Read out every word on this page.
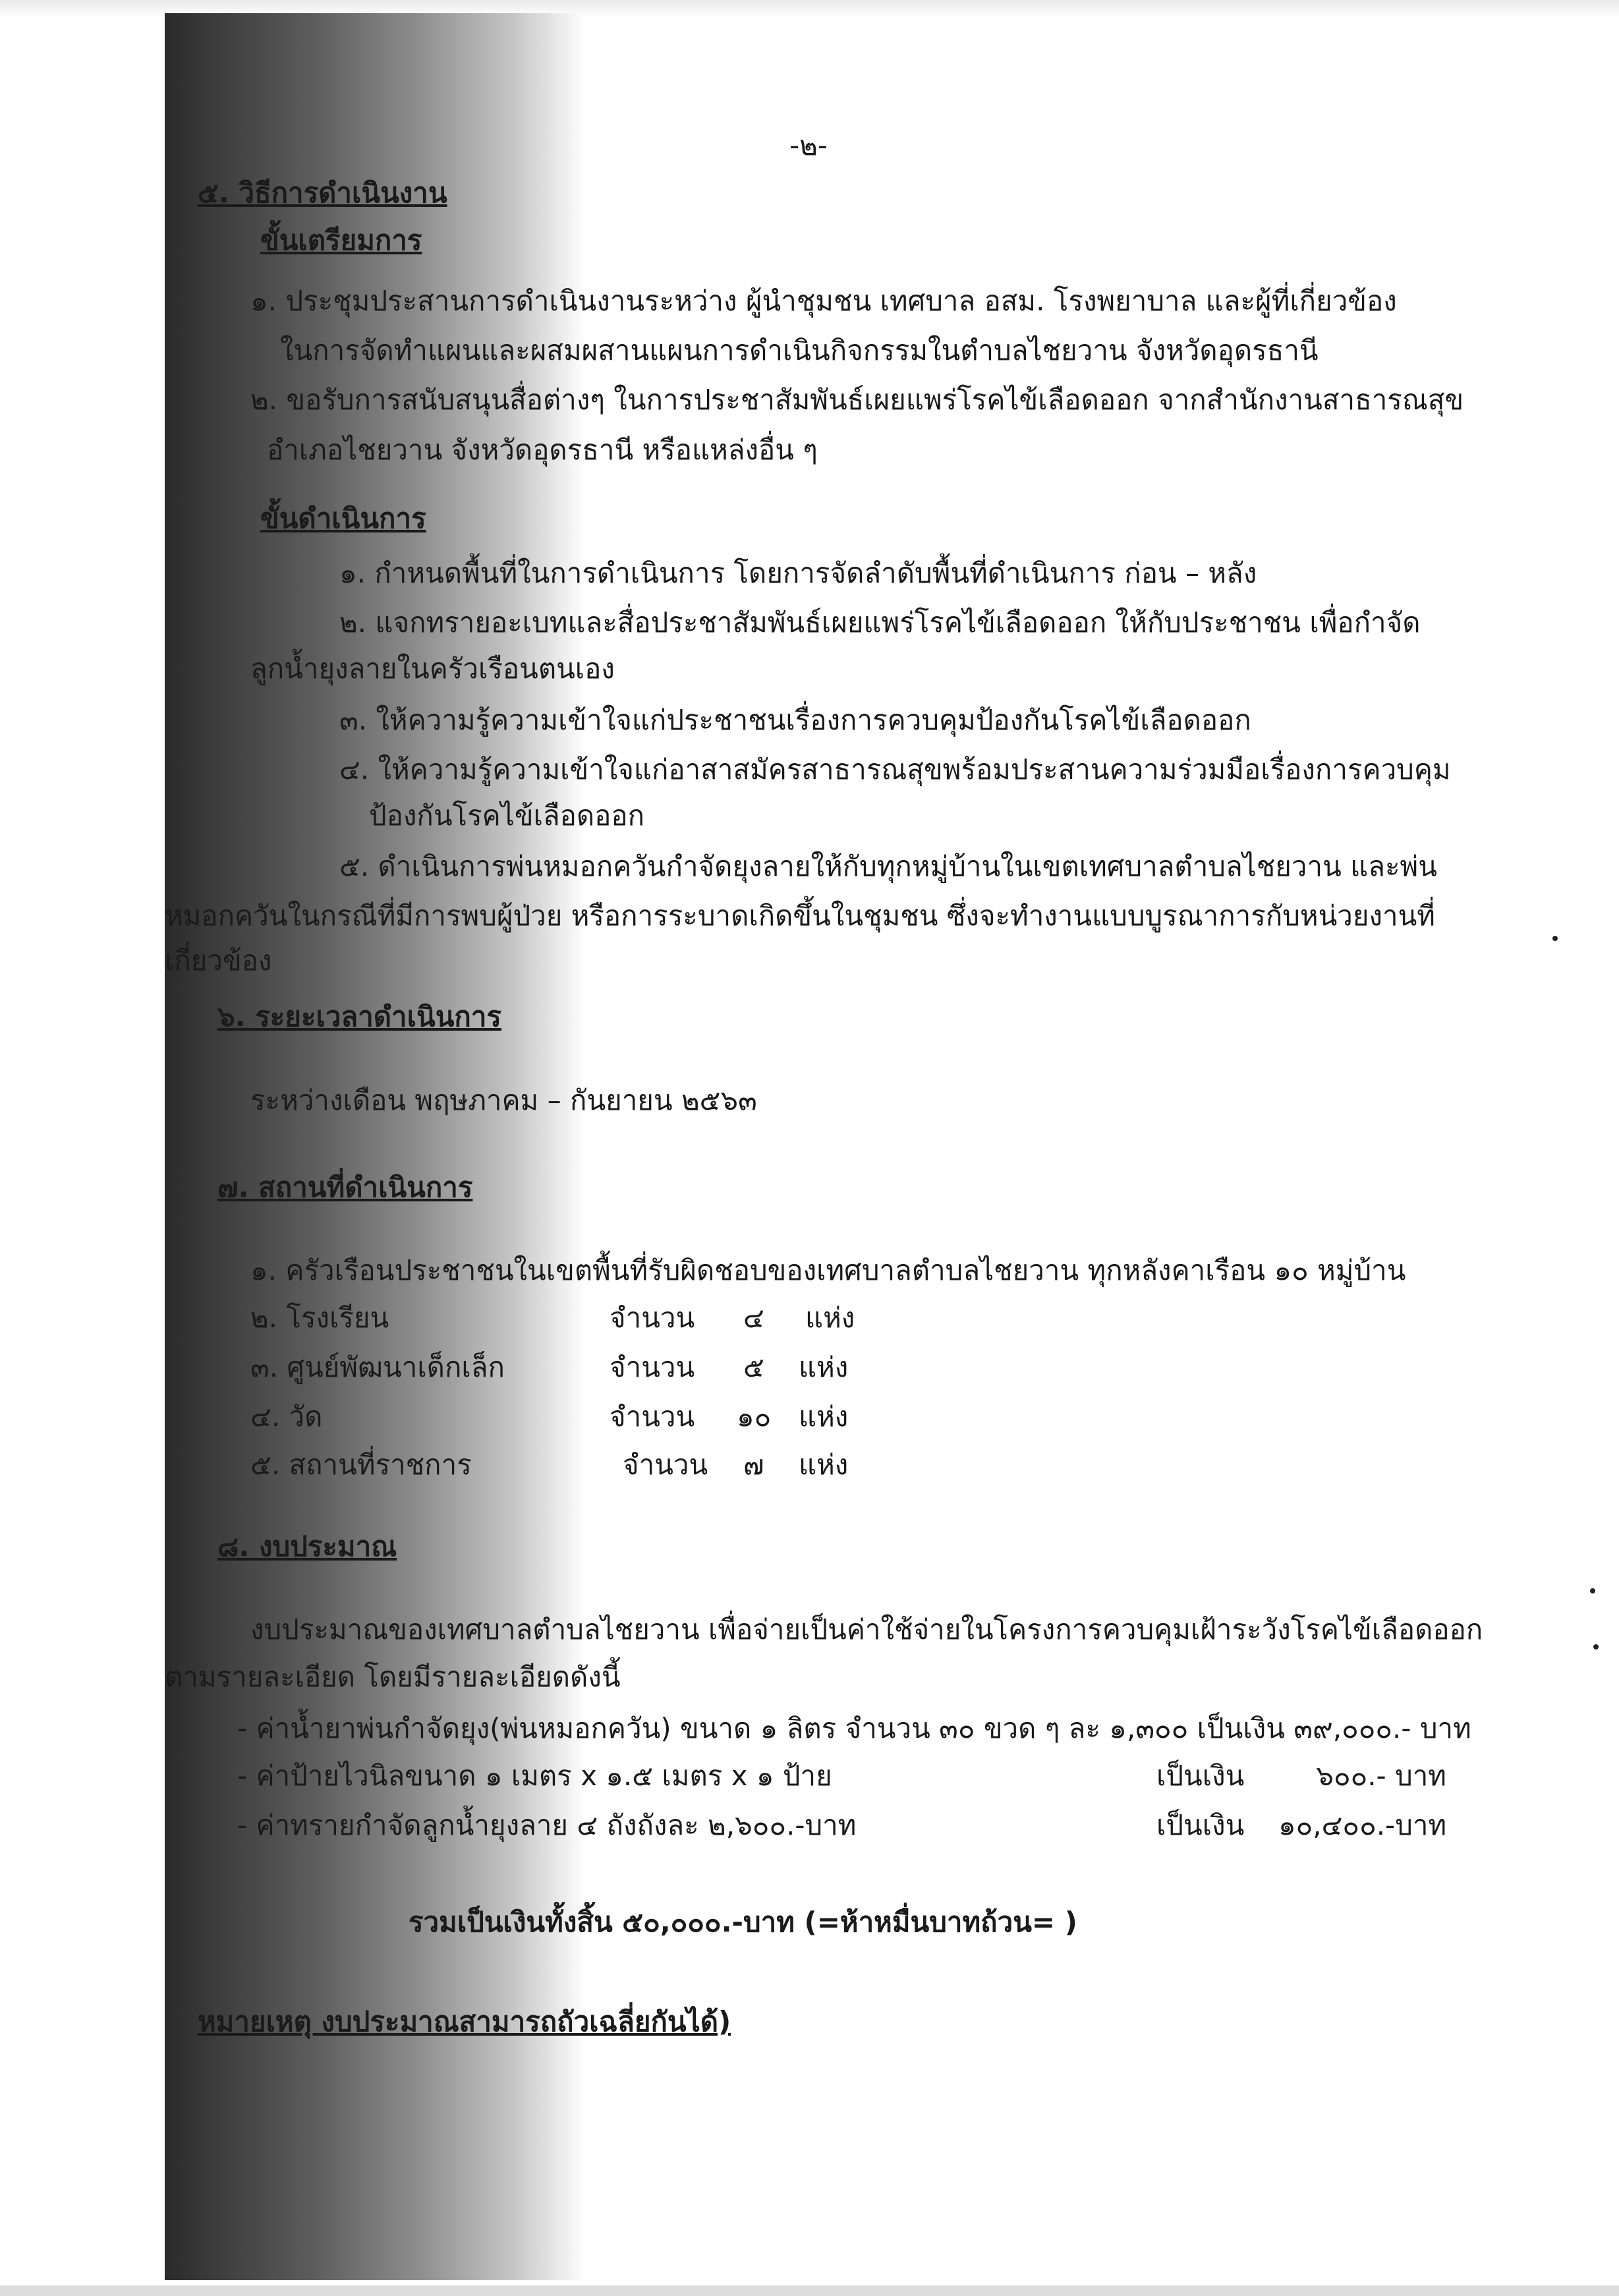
-๒-
๕. วิธีการดำเนินงาน
ขั้นเตรียมการ
๑. ประชุมประสานการดำเนินงานระหว่าง ผู้นำชุมชน เทศบาล อสม. โรงพยาบาล และผู้ที่เกี่ยวข้อง
ในการจัดทำแผนและผสมผสานแผนการดำเนินกิจกรรมในตำบลไชยวาน จังหวัดอุดรธานี
๒. ขอรับการสนับสนุนสื่อต่างๆ ในการประชาสัมพันธ์เผยแพร่โรคไข้เลือดออก จากสำนักงานสาธารณสุข
อำเภอไชยวาน จังหวัดอุดรธานี หรือแหล่งอื่น ๆ
ขั้นดำเนินการ
๑. กำหนดพื้นที่ในการดำเนินการ โดยการจัดลำดับพื้นที่ดำเนินการ ก่อน – หลัง
๒. แจกทรายอะเบทและสื่อประชาสัมพันธ์เผยแพร่โรคไข้เลือดออก ให้กับประชาชน เพื่อกำจัด
ลูกน้ำยุงลายในครัวเรือนตนเอง
๓. ให้ความรู้ความเข้าใจแก่ประชาชนเรื่องการควบคุมป้องกันโรคไข้เลือดออก
๔. ให้ความรู้ความเข้าใจแก่อาสาสมัครสาธารณสุขพร้อมประสานความร่วมมือเรื่องการควบคุม
ป้องกันโรคไข้เลือดออก
๕. ดำเนินการพ่นหมอกควันกำจัดยุงลายให้กับทุกหมู่บ้านในเขตเทศบาลตำบลไชยวาน และพ่น
หมอกควันในกรณีที่มีการพบผู้ป่วย หรือการระบาดเกิดขึ้นในชุมชน ซึ่งจะทำงานแบบบูรณาการกับหน่วยงานที่
เกี่ยวข้อง
๖. ระยะเวลาดำเนินการ
ระหว่างเดือน พฤษภาคม – กันยายน ๒๕๖๓
๗. สถานที่ดำเนินการ
๑. ครัวเรือนประชาชนในเขตพื้นที่รับผิดชอบของเทศบาลตำบลไชยวาน ทุกหลังคาเรือน ๑๐ หมู่บ้าน
๒. โรงเรียน	จำนวน ๔ แห่ง
๓. ศูนย์พัฒนาเด็กเล็ก	จำนวน ๕ แห่ง
๔. วัด	จำนวน ๑๐ แห่ง
๕. สถานที่ราชการ	จำนวน ๗ แห่ง
๘. งบประมาณ
งบประมาณของเทศบาลตำบลไชยวาน เพื่อจ่ายเป็นค่าใช้จ่ายในโครงการควบคุมเฝ้าระวังโรคไข้เลือดออก
ตามรายละเอียด โดยมีรายละเอียดดังนี้
- ค่าน้ำยาพ่นกำจัดยุง(พ่นหมอกควัน) ขนาด ๑ ลิตร จำนวน ๓๐ ขวด ๆ ละ ๑,๓๐๐ เป็นเงิน ๓๙,๐๐๐.- บาท
- ค่าป้ายไวนิลขนาด ๑ เมตร x ๑.๕ เมตร x ๑ ป้าย	เป็นเงิน	๖๐๐.- บาท
- ค่าทรายกำจัดลูกน้ำยุงลาย ๔ ถังถังละ ๒,๖๐๐.-บาท	เป็นเงิน ๑๐,๔๐๐.-บาท
รวมเป็นเงินทั้งสิ้น ๕๐,๐๐๐.-บาท (=ห้าหมื่นบาทถ้วน= )
หมายเหตุ งบประมาณสามารถถัวเฉลี่ยกันได้)
